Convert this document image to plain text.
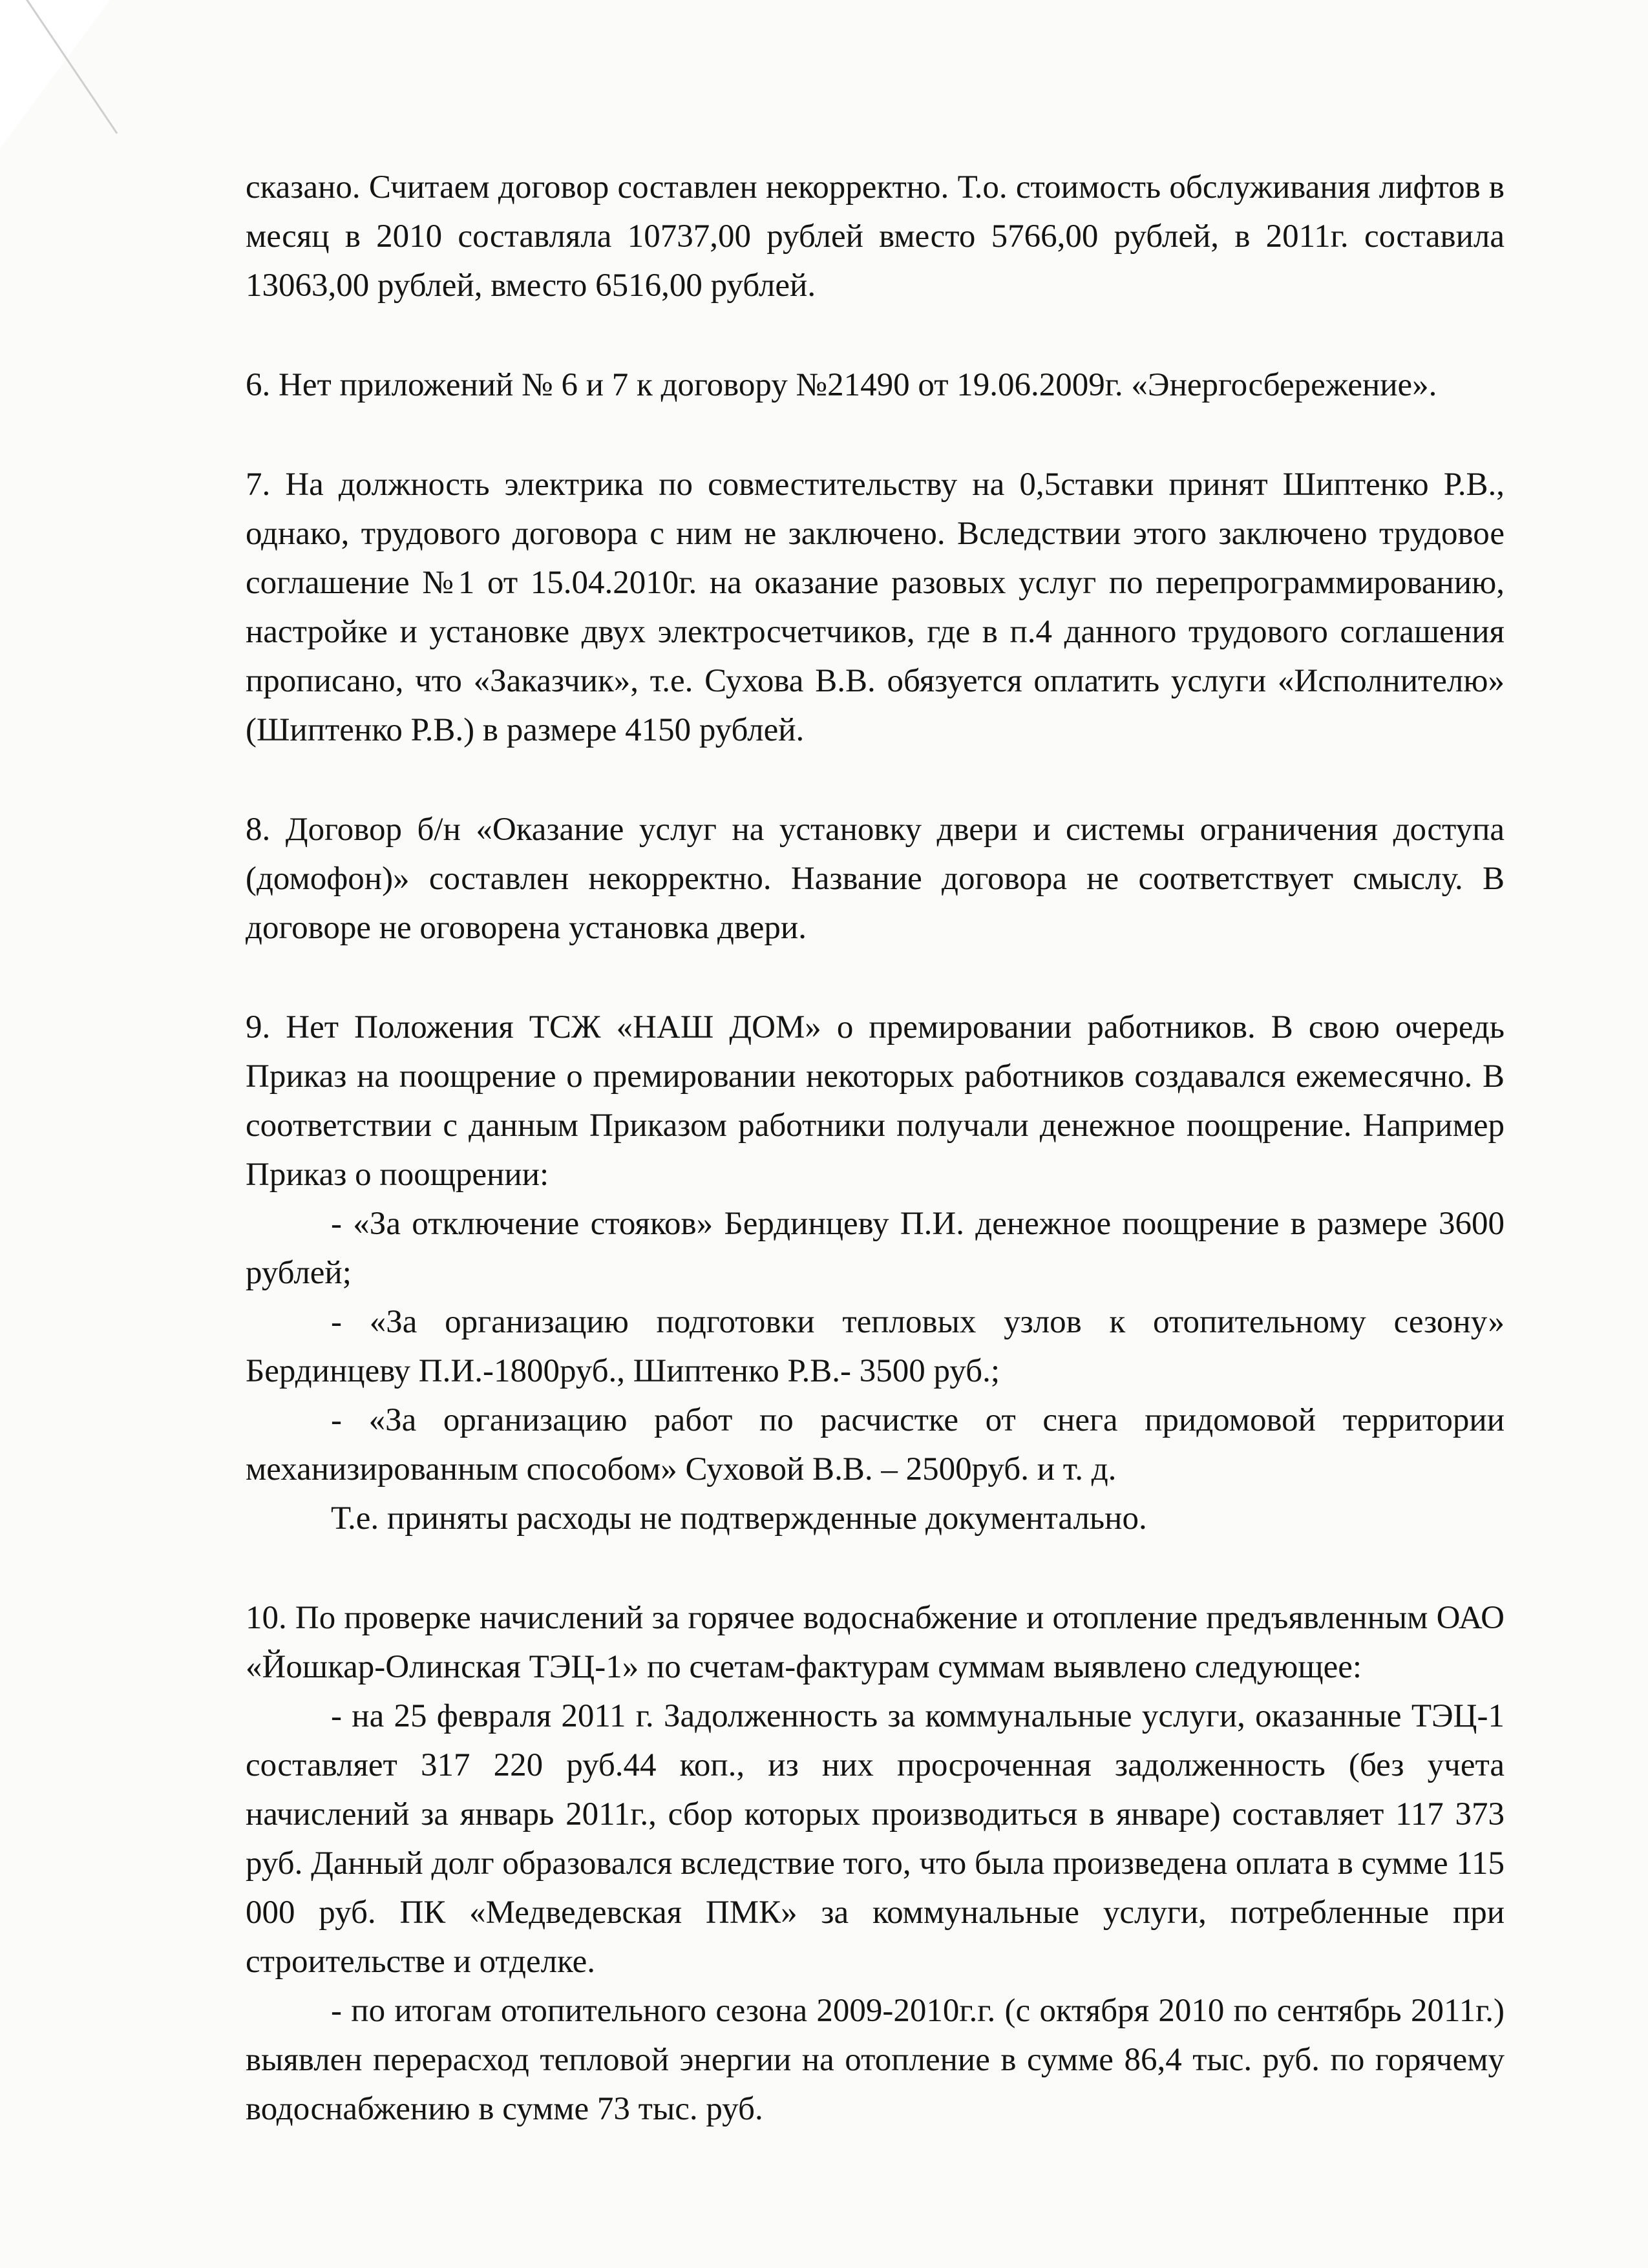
сказано. Считаем договор составлен некорректно. Т.о. стоимость обслуживания лифтов в месяц в 2010 составляла 10737,00 рублей вместо 5766,00 рублей, в 2011г. составила 13063,00 рублей, вместо 6516,00 рублей.

6. Нет приложений № 6 и 7 к договору №21490 от 19.06.2009г. «Энергосбережение».

7. На должность электрика по совместительству на 0,5ставки принят Шиптенко Р.В., однако, трудового договора с ним не заключено. Вследствии этого заключено трудовое соглашение №1 от 15.04.2010г. на оказание разовых услуг по перепрограммированию, настройке и установке двух электросчетчиков, где в п.4 данного трудового соглашения прописано, что «Заказчик», т.е. Сухова В.В. обязуется оплатить услуги «Исполнителю» (Шиптенко Р.В.) в размере 4150 рублей.

8. Договор б/н «Оказание услуг на установку двери и системы ограничения доступа (домофон)» составлен некорректно. Название договора не соответствует смыслу. В договоре не оговорена установка двери.

9. Нет Положения ТСЖ «НАШ ДОМ» о премировании работников. В свою очередь Приказ на поощрение о премировании некоторых работников создавался ежемесячно. В соответствии с данным Приказом работники получали денежное поощрение. Например Приказ о поощрении:

- «За отключение стояков» Бердинцеву П.И. денежное поощрение в размере 3600 рублей;

- «За организацию подготовки тепловых узлов к отопительному сезону» Бердинцеву П.И.-1800руб., Шиптенко Р.В.- 3500 руб.;

- «За организацию работ по расчистке от снега придомовой территории механизированным способом» Суховой В.В. – 2500руб. и т. д.

Т.е. приняты расходы не подтвержденные документально.

10. По проверке начислений за горячее водоснабжение и отопление предъявленным ОАО «Йошкар-Олинская ТЭЦ-1» по счетам-фактурам суммам выявлено следующее:

- на 25 февраля 2011 г. Задолженность за коммунальные услуги, оказанные ТЭЦ-1 составляет 317 220 руб.44 коп., из них просроченная задолженность (без учета начислений за январь 2011г., сбор которых производиться в январе) составляет 117 373 руб. Данный долг образовался вследствие того, что была произведена оплата в сумме 115 000 руб. ПК «Медведевская ПМК» за коммунальные услуги, потребленные при строительстве и отделке.

- по итогам отопительного сезона 2009-2010г.г. (с октября 2010 по сентябрь 2011г.) выявлен перерасход тепловой энергии на отопление в сумме 86,4 тыс. руб. по горячему водоснабжению в сумме 73 тыс. руб.
